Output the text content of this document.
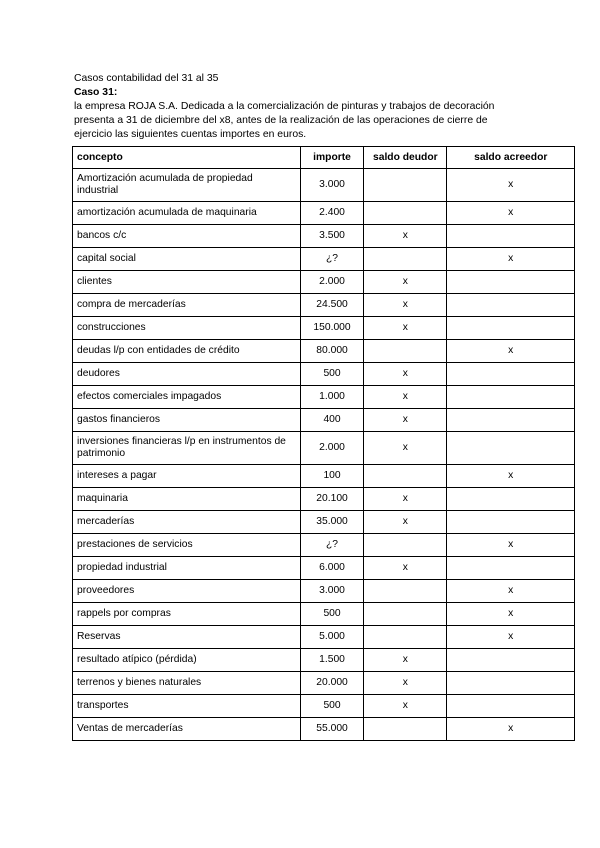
Casos contabilidad del 31 al 35
Caso 31:
la empresa ROJA S.A. Dedicada a la comercialización de pinturas y trabajos de decoración
presenta a 31 de diciembre del x8, antes de la realización de las operaciones de cierre de
ejercicio las siguientes cuentas importes en euros.
concepto	importe	saldo deudor	saldo acreedor
Amortización acumulada de propiedad industrial	3.000		x
amortización acumulada de maquinaria	2.400		x
bancos c/c	3.500	x	
capital social	¿?		x
clientes	2.000	x	
compra de mercaderías	24.500	x	
construcciones	150.000	x	
deudas l/p con entidades de crédito	80.000		x
deudores	500	x	
efectos comerciales impagados	1.000	x	
gastos financieros	400	x	
inversiones financieras l/p en instrumentos de patrimonio	2.000	x	
intereses a pagar	100		x
maquinaria	20.100	x	
mercaderías	35.000	x	
prestaciones de servicios	¿?		x
propiedad industrial	6.000	x	
proveedores	3.000		x
rappels por compras	500		x
Reservas	5.000		x
resultado atípico (pérdida)	1.500	x	
terrenos y bienes naturales	20.000	x	
transportes	500	x	
Ventas de mercaderías	55.000		x
